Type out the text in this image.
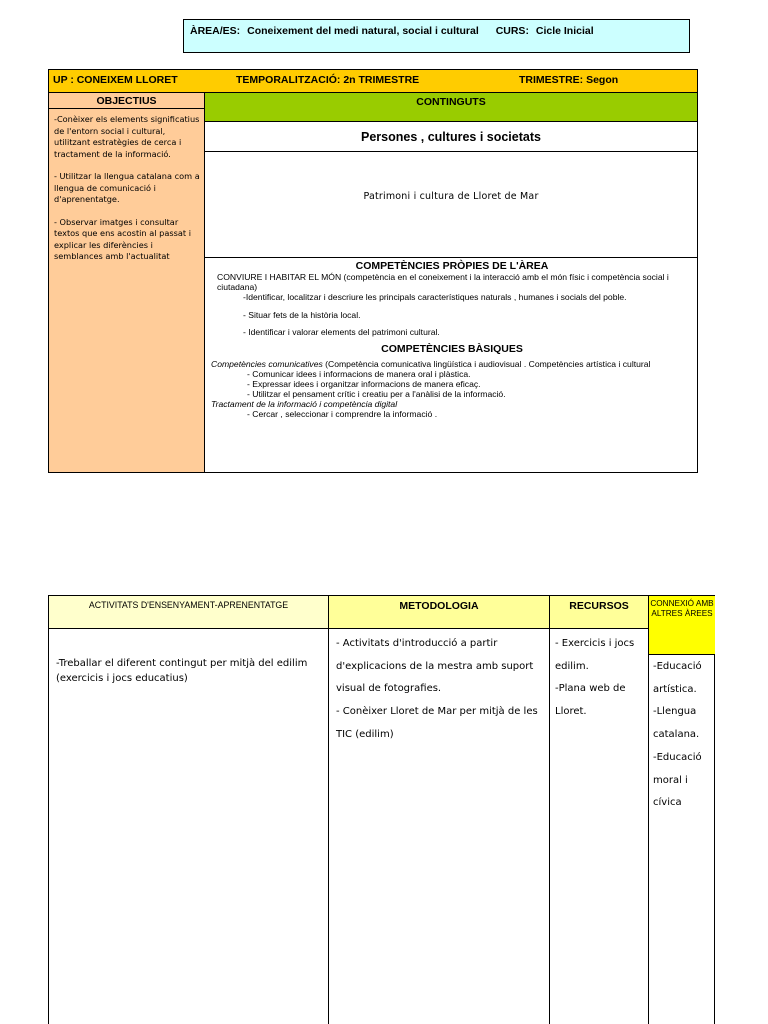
ÀREA/ES: Coneixement del medi natural, social i cultural CURS: Cicle Inicial
UP : CONEIXEM LLORET	TEMPORALITZACIÓ: 2n TRIMESTRE	TRIMESTRE: Segon
OBJECTIUS

-Conèixer els elements significatius de l'entorn social i cultural, utilitzant estratègies de cerca i tractament de la informació.

- Utilitzar la llengua catalana com a llengua de comunicació i d'aprenentatge.

- Observar imatges i consultar textos que ens acostin al passat i explicar les diferències i semblances amb l'actualitat

CONTINGUTS
Persones , cultures i societats
Patrimoni i cultura de Lloret de Mar
COMPETÈNCIES PRÒPIES DE L'ÀREA
CONVIURE I HABITAR EL MÓN (competència en el coneixement i la interacció amb el món físic i competència social i ciutadana)
-Identificar, localitzar i descriure les principals característiques naturals , humanes i socials del poble.
- Situar fets de la història local.
- Identificar i valorar elements del patrimoni cultural.
COMPETÈNCIES BÀSIQUES
Competències comunicatives (Competència comunicativa lingüística i audiovisual . Competències artística i cultural
- Comunicar idees i informacions de manera oral i plàstica.
- Expressar idees i organitzar informacions de manera eficaç.
- Utilitzar el pensament crític i creatiu per a l'anàlisi de la informació.
Tractament de la informació i competència digital
- Cercar , seleccionar i comprendre la informació .
ACTIVITATS D'ENSENYAMENT-APRENENTATGE
-Treballar el diferent contingut per mitjà del edilim (exercicis i jocs educatius)
METODOLOGIA
- Activitats d'introducció a partir d'explicacions de la mestra amb suport visual de fotografies.
- Conèixer Lloret de Mar per mitjà de les TIC (edilim)
RECURSOS
- Exercicis i jocs edilim.
-Plana web de Lloret.
CONNEXIÓ AMB ALTRES ÀREES
-Educació artística.
-Llengua catalana.
-Educació moral i cívica
